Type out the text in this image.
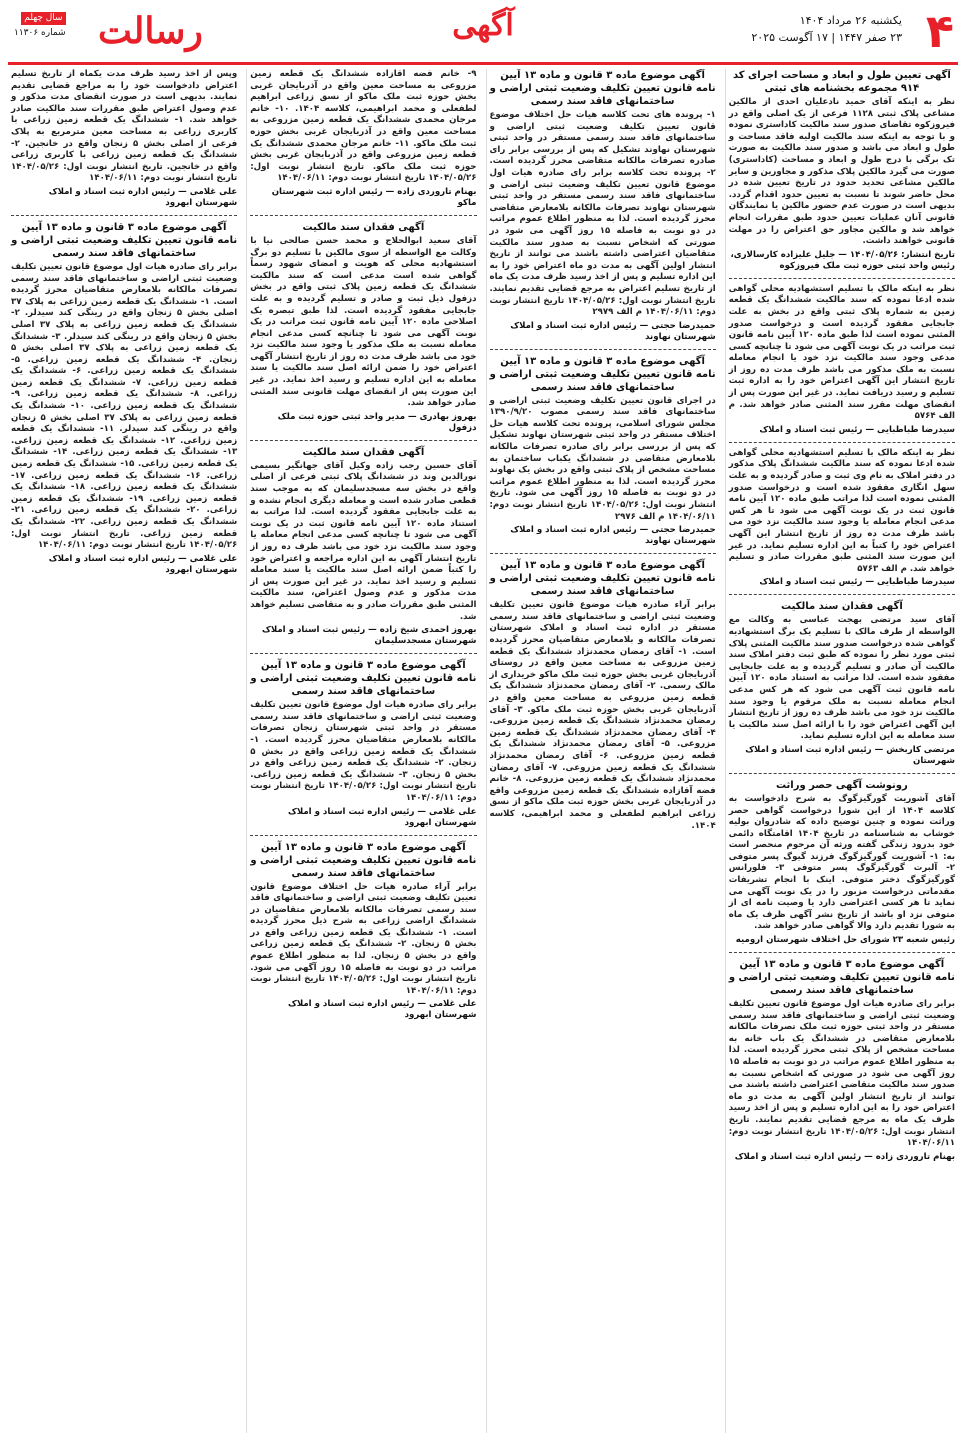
۴
یکشنبه ۲۶ مرداد ۱۴۰۴
۲۳ صفر ۱۴۴۷ | ۱۷ آگوست ۲۰۲۵
آگهی
رسالت
سال چهلم
شماره ۱۱۳۰۶
آگهی تعیین طول و ابعاد و مساحت اجرای کد ۹۱۴ مجموعه بخشنامه های ثبتی

نظر به اینکه آقای حمید نادعلیان احدی از مالکین مشاعی پلاک ثبتی ۱۱۲۸ فرعی از یک اصلی واقع در فیروزکوه تقاضای صدور سند مالکیت کاداستری نموده و با توجه به اینکه سند مالکیت اولیه فاقد مساحت و طول و ابعاد می باشد و صدور سند مالکیت به صورت تک برگی با درج طول و ابعاد و مساحت (کاداستری) صورت می گیرد مالکین پلاک مذکور و مجاورین و سایر مالکین مشاعی تحدید حدود در تاریخ تعیین شده در محل حاضر شوند تا نسبت به تعیین حدود اقدام گردد. بدیهی است در صورت عدم حضور مالکین یا نمایندگان قانونی آنان عملیات تعیین حدود طبق مقررات انجام خواهد شد و مالکین مجاور حق اعتراض را در مهلت قانونی خواهند داشت.

تاریخ انتشار: ۱۴۰۴/۰۵/۲۶ — جلیل علیزاده کارسالاری، رئیس واحد ثبتی حوزه ثبت ملک فیروزکوه

نظر به اینکه مالک با تسلیم استشهادیه محلی گواهی شده ادعا نموده که سند مالکیت ششدانگ یک قطعه زمین به شماره پلاک ثبتی واقع در بخش به علت جابجایی مفقود گردیده است و درخواست صدور المثنی نموده است لذا طبق ماده ۱۲۰ آیین نامه قانون ثبت مراتب در یک نوبت آگهی می شود تا چنانچه کسی مدعی وجود سند مالکیت نزد خود یا انجام معامله نسبت به ملک مذکور می باشد ظرف مدت ده روز از تاریخ انتشار این آگهی اعتراض خود را به اداره ثبت تسلیم و رسید دریافت نماید. در غیر این صورت پس از انقضای مهلت مقرر سند المثنی صادر خواهد شد. م الف ۵۷۶۴

سیدرضا طباطبایی — رئیس ثبت اسناد و املاک

نظر به اینکه مالک با تسلیم استشهادیه محلی گواهی شده ادعا نموده که سند مالکیت ششدانگ پلاک مذکور در دفتر املاک به نام وی ثبت و صادر گردیده و به علت سهل انگاری مفقود شده است و درخواست صدور المثنی نموده است لذا مراتب طبق ماده ۱۲۰ آیین نامه قانون ثبت در یک نوبت آگهی می شود تا هر کس مدعی انجام معامله یا وجود سند مالکیت نزد خود می باشد ظرف مدت ده روز از تاریخ انتشار این آگهی اعتراض خود را کتباً به این اداره تسلیم نماید. در غیر این صورت سند المثنی طبق مقررات صادر و تسلیم خواهد شد. م الف ۵۷۶۳

سیدرضا طباطبایی — رئیس ثبت اسناد و املاک
آگهی فقدان سند مالکیت

آقای سید مرتضی بهجت عباسی به وکالت مع الواسطه از طرف مالک با تسلیم یک برگ استشهادیه گواهی شده درخواست صدور سند مالکیت المثنی پلاک ثبتی مورد نظر را نموده که طبق ثبت دفتر املاک سند مالکیت آن صادر و تسلیم گردیده و به علت جابجایی مفقود شده است. لذا مراتب به استناد ماده ۱۲۰ آیین نامه قانون ثبت آگهی می شود که هر کس مدعی انجام معامله نسبت به ملک مرقوم یا وجود سند مالکیت نزد خود می باشد ظرف ده روز از تاریخ انتشار این آگهی اعتراض خود را با ارائه اصل سند مالکیت یا سند معامله به این اداره تسلیم نماید.

مرتضی کاربخش — رئیس اداره ثبت اسناد و املاک شهرستان
رونوشت آگهی حصر وراثت

آقای آشوریت گورگیزگوگ به شرح دادخواست به کلاسه ۱۴۰۴ از این شورا درخواست گواهی حصر وراثت نموده و چنین توضیح داده که شادروان بولیه خوشاب به شناسنامه در تاریخ ۱۴۰۴ اقامتگاه دائمی خود بدرود زندگی گفته ورثه آن مرحوم منحصر است به: ۱- آشوریت گورگیزگوگ فرزند گیوگ پسر متوفی ۲- آلبرت گورگیزگوگ پسر متوفی ۳- فلورانس گورگیزگوگ دختر متوفی. اینک با انجام تشریفات مقدماتی درخواست مزبور را در یک نوبت آگهی می نماید تا هر کسی اعتراضی دارد یا وصیت نامه ای از متوفی نزد او باشد از تاریخ نشر آگهی ظرف یک ماه به شورا تقدیم دارد والا گواهی صادر خواهد شد.

رئیس شعبه ۲۳ شورای حل اختلاف شهرستان ارومیه
آگهی موضوع ماده ۳ قانون و ماده ۱۳ آیین نامه قانون تعیین تکلیف وضعیت ثبتی اراضی و ساختمانهای فاقد سند رسمی

برابر رای صادره هیات اول موضوع قانون تعیین تکلیف وضعیت ثبتی اراضی و ساختمانهای فاقد سند رسمی مستقر در واحد ثبتی حوزه ثبت ملک تصرفات مالکانه بلامعارض متقاضی در ششدانگ یک باب خانه به مساحت مشخص از پلاک ثبتی محرز گردیده است. لذا به منظور اطلاع عموم مراتب در دو نوبت به فاصله ۱۵ روز آگهی می شود در صورتی که اشخاص نسبت به صدور سند مالکیت متقاضی اعتراضی داشته باشند می توانند از تاریخ انتشار اولین آگهی به مدت دو ماه اعتراض خود را به این اداره تسلیم و پس از اخذ رسید ظرف یک ماه به مرجع قضایی تقدیم نمایند. تاریخ انتشار نوبت اول: ۱۴۰۴/۰۵/۲۶ تاریخ انتشار نوبت دوم: ۱۴۰۴/۰۶/۱۱

بهنام تاروردی زاده — رئیس اداره ثبت اسناد و املاک
آگهی موضوع ماده ۳ قانون و ماده ۱۳ آیین نامه قانون تعیین تکلیف وضعیت ثبتی اراضی و ساختمانهای فاقد سند رسمی

۱- پرونده های تحت کلاسه هیات حل اختلاف موضوع قانون تعیین تکلیف وضعیت ثبتی اراضی و ساختمانهای فاقد سند رسمی مستقر در واحد ثبتی شهرستان نهاوند تشکیل که پس از بررسی برابر رای صادره تصرفات مالکانه متقاضی محرز گردیده است. ۲- پرونده تحت کلاسه برابر رای صادره هیات اول موضوع قانون تعیین تکلیف وضعیت ثبتی اراضی و ساختمانهای فاقد سند رسمی مستقر در واحد ثبتی شهرستان نهاوند تصرفات مالکانه بلامعارض متقاضی محرز گردیده است. لذا به منظور اطلاع عموم مراتب در دو نوبت به فاصله ۱۵ روز آگهی می شود در صورتی که اشخاص نسبت به صدور سند مالکیت متقاضیان اعتراضی داشته باشند می توانند از تاریخ انتشار اولین آگهی به مدت دو ماه اعتراض خود را به این اداره تسلیم و پس از اخذ رسید ظرف مدت یک ماه از تاریخ تسلیم اعتراض به مرجع قضایی تقدیم نمایند. تاریخ انتشار نوبت اول: ۱۴۰۴/۰۵/۲۶ تاریخ انتشار نوبت دوم: ۱۴۰۴/۰۶/۱۱ م الف ۲۹۷۹

حمیدرضا حجتی — رئیس اداره ثبت اسناد و املاک شهرستان نهاوند
آگهی موضوع ماده ۳ قانون و ماده ۱۳ آیین نامه قانون تعیین تکلیف وضعیت ثبتی اراضی و ساختمانهای فاقد سند رسمی

در اجرای قانون تعیین تکلیف وضعیت ثبتی اراضی و ساختمانهای فاقد سند رسمی مصوب ۱۳۹۰/۹/۲۰ مجلس شورای اسلامی، پرونده تحت کلاسه هیات حل اختلاف مستقر در واحد ثبتی شهرستان نهاوند تشکیل که پس از بررسی برابر رای صادره تصرفات مالکانه بلامعارض متقاضی در ششدانگ یکباب ساختمان به مساحت مشخص از پلاک ثبتی واقع در بخش یک نهاوند محرز گردیده است. لذا به منظور اطلاع عموم مراتب در دو نوبت به فاصله ۱۵ روز آگهی می شود. تاریخ انتشار نوبت اول: ۱۴۰۴/۰۵/۲۶ تاریخ انتشار نوبت دوم: ۱۴۰۴/۰۶/۱۱ م الف ۲۹۷۶

حمیدرضا حجتی — رئیس اداره ثبت اسناد و املاک شهرستان نهاوند
آگهی موضوع ماده ۳ قانون و ماده ۱۳ آیین نامه قانون تعیین تکلیف وضعیت ثبتی اراضی و ساختمانهای فاقد سند رسمی

برابر آراء صادره هیات موضوع قانون تعیین تکلیف وضعیت ثبتی اراضی و ساختمانهای فاقد سند رسمی مستقر در اداره ثبت اسناد و املاک شهرستان تصرفات مالکانه و بلامعارض متقاضیان محرز گردیده است. ۱- آقای رمضان محمدنژاد ششدانگ یک قطعه زمین مزروعی به مساحت معین واقع در روستای آذربایجان غربی بخش حوزه ثبت ملک ماکو خریداری از مالک رسمی. ۲- آقای رمضان محمدنژاد ششدانگ یک قطعه زمین مزروعی به مساحت معین واقع در آذربایجان غربی بخش حوزه ثبت ملک ماکو. ۳- آقای رمضان محمدنژاد ششدانگ یک قطعه زمین مزروعی. ۴- آقای رمضان محمدنژاد ششدانگ یک قطعه زمین مزروعی. ۵- آقای رمضان محمدنژاد ششدانگ یک قطعه زمین مزروعی. ۶- آقای رمضان محمدنژاد ششدانگ یک قطعه زمین مزروعی. ۷- آقای رمضان محمدنژاد ششدانگ یک قطعه زمین مزروعی. ۸- خانم فضه آقازاده ششدانگ یک قطعه زمین مزروعی واقع در آذربایجان غربی بخش حوزه ثبت ملک ماکو از نسق زراعی ابراهیم لطفعلی و محمد ابراهیمی، کلاسه ۱۴۰۴.

۹- خانم فضه آقازاده ششدانگ یک قطعه زمین مزروعی به مساحت معین واقع در آذربایجان غربی بخش حوزه ثبت ملک ماکو از نسق زراعی ابراهیم لطفعلی و محمد ابراهیمی، کلاسه ۱۴۰۴. ۱۰- خانم مرجان محمدی ششدانگ یک قطعه زمین مزروعی به مساحت معین واقع در آذربایجان غربی بخش حوزه ثبت ملک ماکو. ۱۱- خانم مرجان محمدی ششدانگ یک قطعه زمین مزروعی واقع در آذربایجان غربی بخش حوزه ثبت ملک ماکو. تاریخ انتشار نوبت اول: ۱۴۰۴/۰۵/۲۶ تاریخ انتشار نوبت دوم: ۱۴۰۴/۰۶/۱۱

بهنام تاروردی زاده — رئیس اداره ثبت شهرستان ماکو
آگهی فقدان سند مالکیت

آقای سعید ابوالحلاج و محمد حسن صالحی نیا با وکالت مع الواسطه از سوی مالکین با تسلیم دو برگ استشهادیه محلی که هویت و امضای شهود رسماً گواهی شده است مدعی است که سند مالکیت ششدانگ یک قطعه زمین پلاک ثبتی واقع در بخش دزفول ذیل ثبت و صادر و تسلیم گردیده و به علت جابجایی مفقود گردیده است. لذا طبق تبصره یک اصلاحی ماده ۱۲۰ آیین نامه قانون ثبت مراتب در یک نوبت آگهی می شود تا چنانچه کسی مدعی انجام معامله نسبت به ملک مذکور یا وجود سند مالکیت نزد خود می باشد ظرف مدت ده روز از تاریخ انتشار آگهی اعتراض خود را ضمن ارائه اصل سند مالکیت یا سند معامله به این اداره تسلیم و رسید اخذ نماید. در غیر این صورت پس از انقضای مهلت قانونی سند المثنی صادر خواهد شد.

بهروز بهادری — مدیر واحد ثبتی حوزه ثبت ملک دزفول
آگهی فقدان سند مالکیت

آقای حسین رجب زاده وکیل آقای جهانگیر بسیمی نورالدین وند در ششدانگ پلاک ثبتی فرعی از اصلی واقع در بخش سه مسجدسلیمان که به موجب سند قطعی صادر شده است و معامله دیگری انجام نشده و به علت جابجایی مفقود گردیده است. لذا مراتب به استناد ماده ۱۲۰ آیین نامه قانون ثبت در یک نوبت آگهی می شود تا چنانچه کسی مدعی انجام معامله یا وجود سند مالکیت نزد خود می باشد ظرف ده روز از تاریخ انتشار آگهی به این اداره مراجعه و اعتراض خود را کتباً ضمن ارائه اصل سند مالکیت یا سند معامله تسلیم و رسید اخذ نماید. در غیر این صورت پس از مدت مذکور و عدم وصول اعتراض، سند مالکیت المثنی طبق مقررات صادر و به متقاضی تسلیم خواهد شد.

بهروز احمدی شیخ زاده — رئیس ثبت اسناد و املاک شهرستان مسجدسلیمان
آگهی موضوع ماده ۳ قانون و ماده ۱۳ آیین نامه قانون تعیین تکلیف وضعیت ثبتی اراضی و ساختمانهای فاقد سند رسمی

برابر رای صادره هیات اول موضوع قانون تعیین تکلیف وضعیت ثبتی اراضی و ساختمانهای فاقد سند رسمی مستقر در واحد ثبتی شهرستان زنجان تصرفات مالکانه بلامعارض متقاضیان محرز گردیده است. ۱- ششدانگ یک قطعه زمین زراعی واقع در بخش ۵ زنجان. ۲- ششدانگ یک قطعه زمین زراعی واقع در بخش ۵ زنجان. ۳- ششدانگ یک قطعه زمین زراعی. تاریخ انتشار نوبت اول: ۱۴۰۴/۰۵/۲۶ تاریخ انتشار نوبت دوم: ۱۴۰۴/۰۶/۱۱

علی غلامی — رئیس اداره ثبت اسناد و املاک شهرستان ابهرود
آگهی موضوع ماده ۳ قانون و ماده ۱۳ آیین نامه قانون تعیین تکلیف وضعیت ثبتی اراضی و ساختمانهای فاقد سند رسمی

برابر آراء صادره هیات حل اختلاف موضوع قانون تعیین تکلیف وضعیت ثبتی اراضی و ساختمانهای فاقد سند رسمی تصرفات مالکانه بلامعارض متقاضیان در ششدانگ اراضی زراعی به شرح ذیل محرز گردیده است. ۱- ششدانگ یک قطعه زمین زراعی واقع در بخش ۵ زنجان. ۲- ششدانگ یک قطعه زمین زراعی واقع در بخش ۵ زنجان. لذا به منظور اطلاع عموم مراتب در دو نوبت به فاصله ۱۵ روز آگهی می شود. تاریخ انتشار نوبت اول: ۱۴۰۴/۰۵/۲۶ تاریخ انتشار نوبت دوم: ۱۴۰۴/۰۶/۱۱

علی غلامی — رئیس اداره ثبت اسناد و املاک شهرستان ابهرود

وپس از اخذ رسید ظرف مدت یکماه از تاریخ تسلیم اعتراض دادخواست خود را به مراجع قضایی تقدیم نمایند. بدیهی است در صورت انقضای مدت مذکور و عدم وصول اعتراض طبق مقررات سند مالکیت صادر خواهد شد. ۱- ششدانگ یک قطعه زمین زراعی با کاربری زراعی به مساحت معین مترمربع به پلاک فرعی از اصلی بخش ۵ زنجان واقع در خانجین. ۲- ششدانگ یک قطعه زمین زراعی با کاربری زراعی واقع در خانجین. تاریخ انتشار نوبت اول: ۱۴۰۴/۰۵/۲۶ تاریخ انتشار نوبت دوم: ۱۴۰۴/۰۶/۱۱

علی غلامی — رئیس اداره ثبت اسناد و املاک شهرستان ابهرود
آگهی موضوع ماده ۳ قانون و ماده ۱۳ آیین نامه قانون تعیین تکلیف وضعیت ثبتی اراضی و ساختمانهای فاقد سند رسمی

برابر رای صادره هیات اول موضوع قانون تعیین تکلیف وضعیت ثبتی اراضی و ساختمانهای فاقد سند رسمی تصرفات مالکانه بلامعارض متقاضیان محرز گردیده است. ۱- ششدانگ یک قطعه زمین زراعی به پلاک ۳۷ اصلی بخش ۵ زنجان واقع در رینگی کند سیدلر. ۲- ششدانگ یک قطعه زمین زراعی به پلاک ۳۷ اصلی بخش ۵ زنجان واقع در رینگی کند سیدلر. ۳- ششدانگ یک قطعه زمین زراعی به پلاک ۳۷ اصلی بخش ۵ زنجان. ۴- ششدانگ یک قطعه زمین زراعی. ۵- ششدانگ یک قطعه زمین زراعی. ۶- ششدانگ یک قطعه زمین زراعی. ۷- ششدانگ یک قطعه زمین زراعی. ۸- ششدانگ یک قطعه زمین زراعی. ۹- ششدانگ یک قطعه زمین زراعی. ۱۰- ششدانگ یک قطعه زمین زراعی به پلاک ۳۷ اصلی بخش ۵ زنجان واقع در رینگی کند سیدلر. ۱۱- ششدانگ یک قطعه زمین زراعی. ۱۲- ششدانگ یک قطعه زمین زراعی. ۱۳- ششدانگ یک قطعه زمین زراعی. ۱۴- ششدانگ یک قطعه زمین زراعی. ۱۵- ششدانگ یک قطعه زمین زراعی. ۱۶- ششدانگ یک قطعه زمین زراعی. ۱۷- ششدانگ یک قطعه زمین زراعی. ۱۸- ششدانگ یک قطعه زمین زراعی. ۱۹- ششدانگ یک قطعه زمین زراعی. ۲۰- ششدانگ یک قطعه زمین زراعی. ۲۱- ششدانگ یک قطعه زمین زراعی. ۲۲- ششدانگ یک قطعه زمین زراعی. تاریخ انتشار نوبت اول: ۱۴۰۴/۰۵/۲۶ تاریخ انتشار نوبت دوم: ۱۴۰۴/۰۶/۱۱

علی غلامی — رئیس اداره ثبت اسناد و املاک شهرستان ابهرود
